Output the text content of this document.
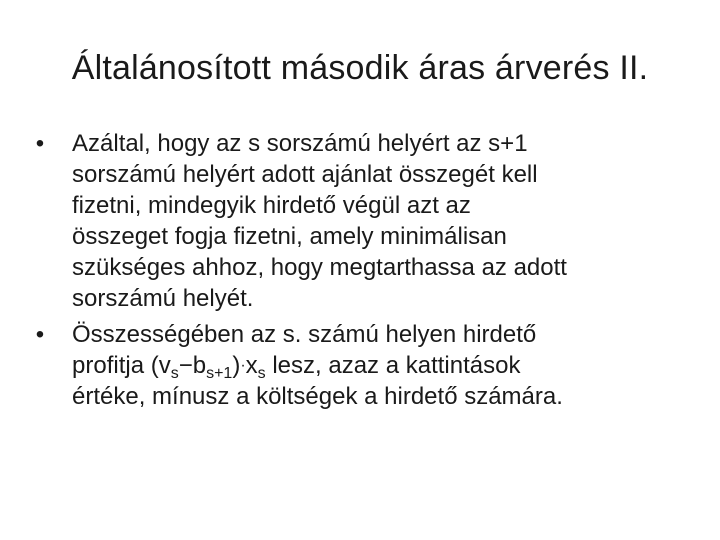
Általánosított második áras árverés II.
• Azáltal, hogy az s sorszámú helyért az s+1
sorszámú helyért adott ajánlat összegét kell
fizetni, mindegyik hirdető végül azt az
összeget fogja fizetni, amely minimálisan
szükséges ahhoz, hogy megtarthassa az adott
sorszámú helyét.
• Összességében az s. számú helyen hirdető
profitja $(v_s-b_{s+1})\cdot x_s$ lesz, azaz a kattintások
értéke, mínusz a költségek a hirdető számára.
